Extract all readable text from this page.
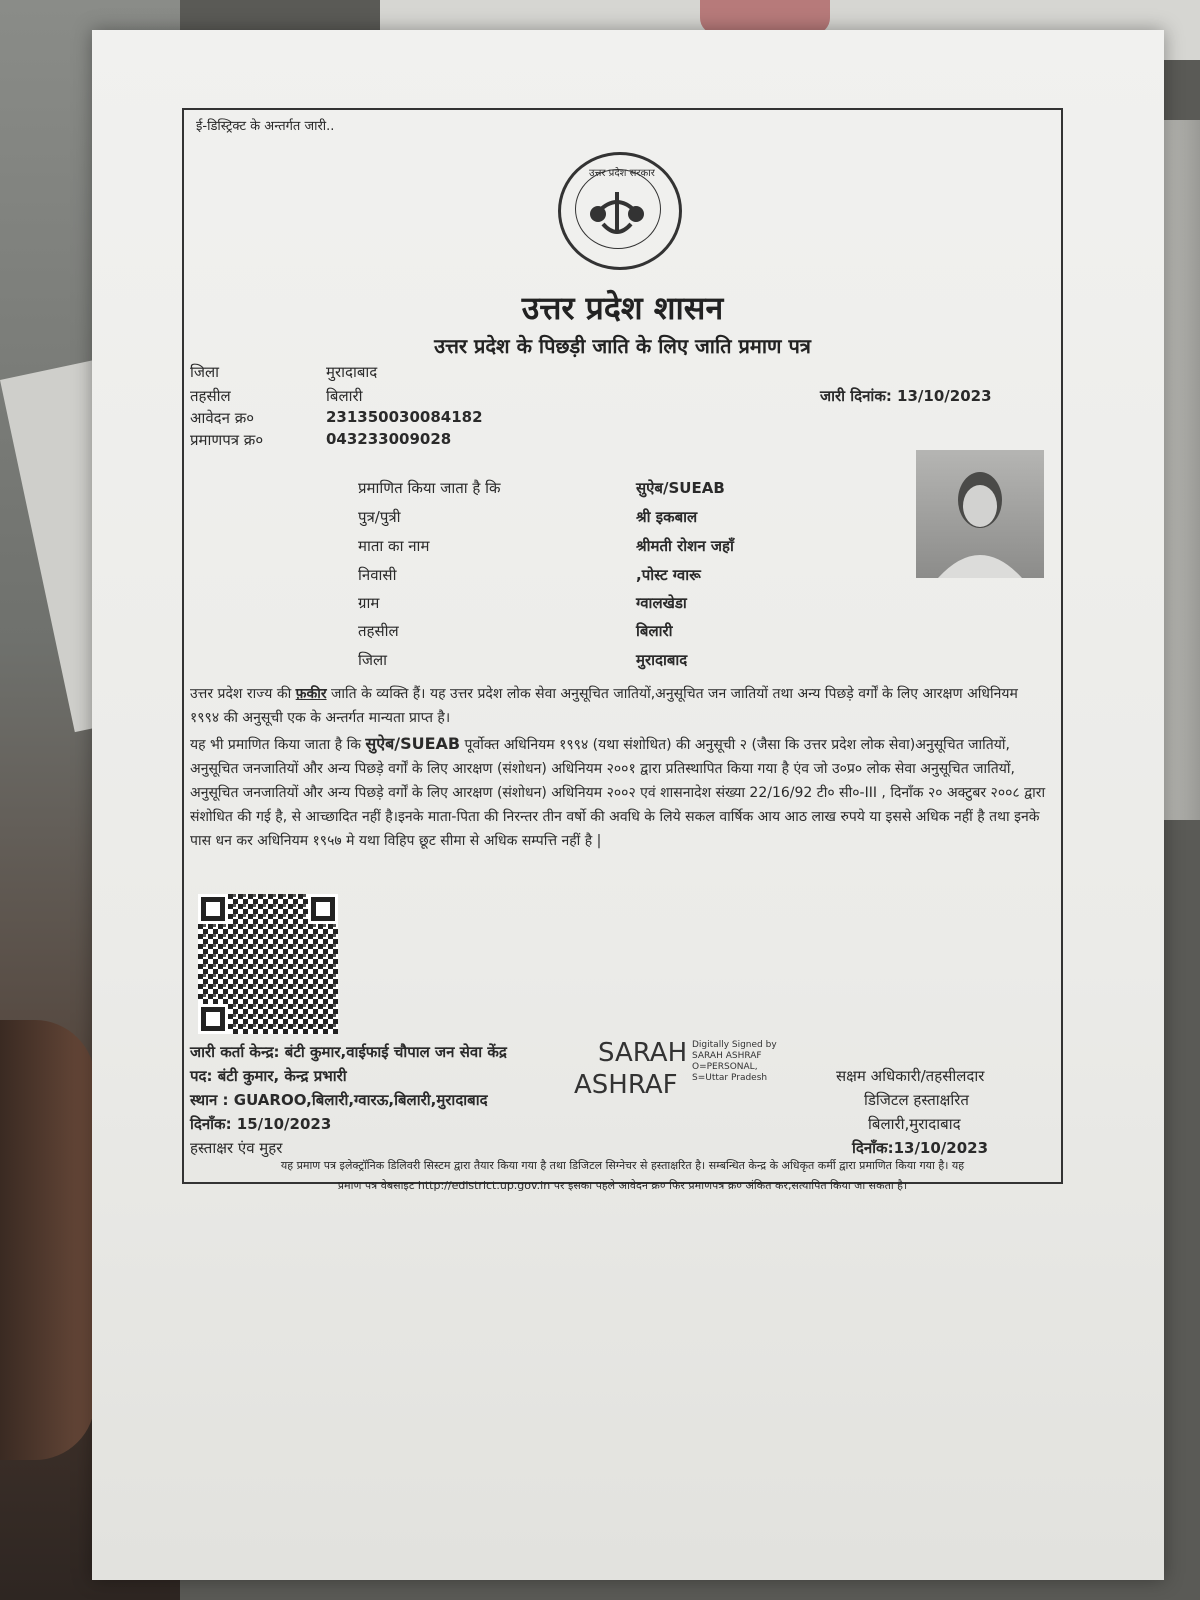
ई-डिस्ट्रिक्ट के अन्तर्गत जारी..
उत्तर प्रदेश सरकार
उत्तर प्रदेश शासन
उत्तर प्रदेश के पिछड़ी जाति के लिए जाति प्रमाण पत्र
जिला	मुरादाबाद
तहसील	बिलारी
आवेदन क्र०	231350030084182
प्रमाणपत्र क्र०	043233009028
जारी दिनांक: 13/10/2023
प्रमाणित किया जाता है कि	सुऐब/SUEAB
पुत्र/पुत्री	श्री इकबाल
माता का नाम	श्रीमती रोशन जहाँ
निवासी	,पोस्ट ग्वारू
ग्राम	ग्वालखेडा
तहसील	बिलारी
जिला	मुरादाबाद
उत्तर प्रदेश राज्य की फ़कीर जाति के व्यक्ति हैं। यह उत्तर प्रदेश लोक सेवा अनुसूचित जातियों,अनुसूचित जन जातियों तथा अन्य पिछड़े वर्गों के लिए आरक्षण अधिनियम १९९४ की अनुसूची एक के अन्तर्गत मान्यता प्राप्त है।
यह भी प्रमाणित किया जाता है कि सुऐब/SUEAB पूर्वोक्त अधिनियम १९९४ (यथा संशोधित) की अनुसूची २ (जैसा कि उत्तर प्रदेश लोक सेवा)अनुसूचित जातियों, अनुसूचित जनजातियों और अन्य पिछड़े वर्गों के लिए आरक्षण (संशोधन) अधिनियम २००१ द्वारा प्रतिस्थापित किया गया है एंव जो उ०प्र० लोक सेवा अनुसूचित जातियों, अनुसूचित जनजातियों और अन्य पिछड़े वर्गों के लिए आरक्षण (संशोधन) अधिनियम २००२ एवं शासनादेश संख्या 22/16/92 टी० सी०-III , दिनाँक २० अक्टुबर २००८ द्वारा संशोधित की गई है, से आच्छादित नहीं है।इनके माता-पिता की निरन्तर तीन वर्षो की अवधि के लिये सकल वार्षिक आय आठ लाख रुपये या इससे अधिक नहीं है तथा इनके पास धन कर अधिनियम १९५७ मे यथा विहिप छूट सीमा से अधिक सम्पत्ति नहीं है |
जारी कर्ता केन्द्र: बंटी कुमार,वाईफाई चौपाल जन सेवा केंद्र
पद: बंटी कुमार, केन्द्र प्रभारी
स्थान : GUAROO,बिलारी,ग्वारऊ,बिलारी,मुरादाबाद
दिनाँक: 15/10/2023
हस्ताक्षर एंव मुहर
SARAH
ASHRAF
Digitally Signed by
SARAH ASHRAF
O=PERSONAL,
S=Uttar Pradesh	सक्षम अधिकारी/तहसीलदार
डिजिटल हस्ताक्षरित
बिलारी,मुरादाबाद
दिनाँक:13/10/2023
यह प्रमाण पत्र इलेक्ट्रॉनिक डिलिवरी सिस्टम द्वारा तैयार किया गया है तथा डिजिटल सिग्नेचर से हस्ताक्षरित है। सम्बन्धित केन्द्र के अधिकृत कर्मी द्वारा प्रमाणित किया गया है। यह
प्रमाण पत्र वेबसाइट http://edistrict.up.gov.in पर इसका पहले आवेदन क्र० फिर प्रमाणपत्र क्र० अंकित कर,सत्यापित किया जा सकता है।
